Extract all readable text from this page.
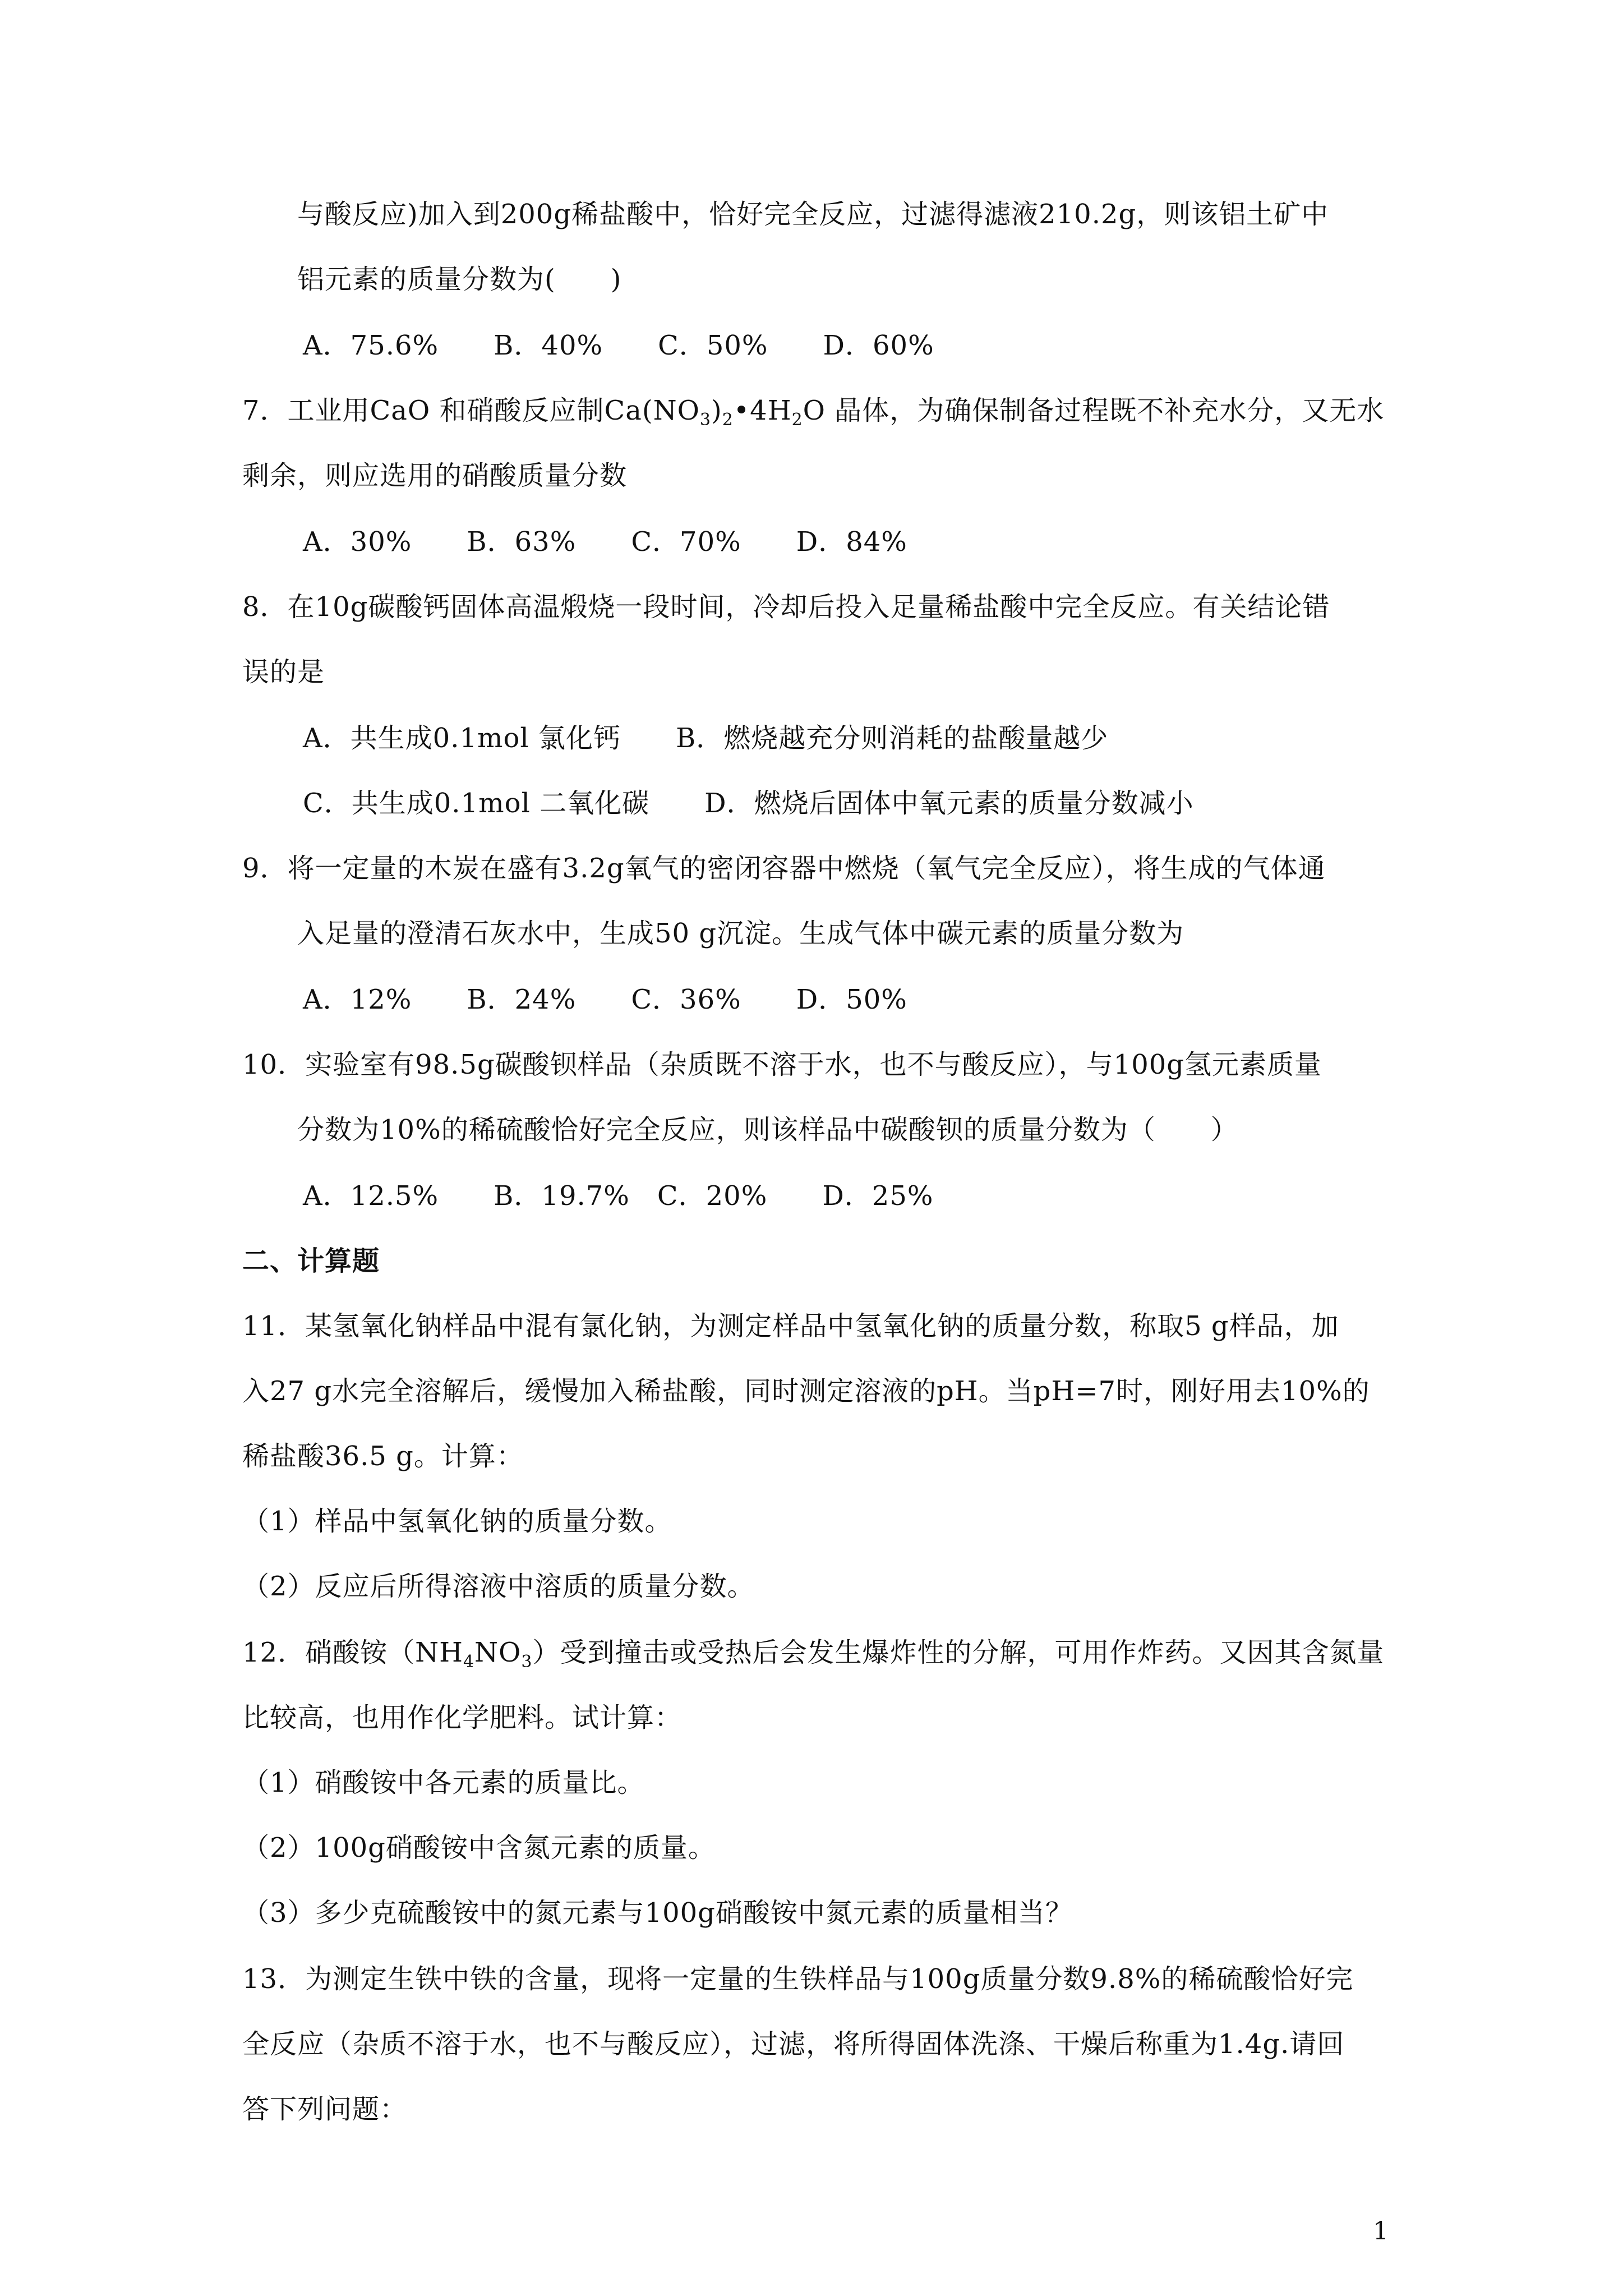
与酸反应)加入到200g稀盐酸中，恰好完全反应，过滤得滤液210.2g，则该铝土矿中
铝元素的质量分数为(　　)
A．75.6%　　B．40%　　C．50%　　D．60%
7．工业用CaO 和硝酸反应制$Ca(NO_3)_2•4H_2O$ 晶体，为确保制备过程既不补充水分，又无水
剩余，则应选用的硝酸质量分数
A．30%　　B．63%　　C．70%　　D．84%
8．在10g碳酸钙固体高温煅烧一段时间，冷却后投入足量稀盐酸中完全反应。有关结论错
误的是
A．共生成0.1mol 氯化钙　　B．燃烧越充分则消耗的盐酸量越少
C．共生成0.1mol 二氧化碳　　D．燃烧后固体中氧元素的质量分数减小
9．将一定量的木炭在盛有3.2g氧气的密闭容器中燃烧（氧气完全反应），将生成的气体通
入足量的澄清石灰水中，生成50 g沉淀。生成气体中碳元素的质量分数为
A．12%　　B．24%　　C．36%　　D．50%
10．实验室有98.5g碳酸钡样品（杂质既不溶于水，也不与酸反应），与100g氢元素质量
分数为10%的稀硫酸恰好完全反应，则该样品中碳酸钡的质量分数为（　　）
A．12.5%　　B．19.7%　C．20%　　D．25%
二、计算题
11．某氢氧化钠样品中混有氯化钠，为测定样品中氢氧化钠的质量分数，称取5 g样品，加
入27 g水完全溶解后，缓慢加入稀盐酸，同时测定溶液的pH。当pH=7时，刚好用去10%的
稀盐酸36.5 g。计算：
（1）样品中氢氧化钠的质量分数。
（2）反应后所得溶液中溶质的质量分数。
12．硝酸铵$(NH_4NO_3)$受到撞击或受热后会发生爆炸性的分解，可用作炸药。又因其含氮量
比较高，也用作化学肥料。试计算：
（1）硝酸铵中各元素的质量比。
（2）100g硝酸铵中含氮元素的质量。
（3）多少克硫酸铵中的氮元素与100g硝酸铵中氮元素的质量相当？
13．为测定生铁中铁的含量，现将一定量的生铁样品与100g质量分数9.8%的稀硫酸恰好完
全反应（杂质不溶于水，也不与酸反应），过滤，将所得固体洗涤、干燥后称重为1.4g.请回
答下列问题：
1
